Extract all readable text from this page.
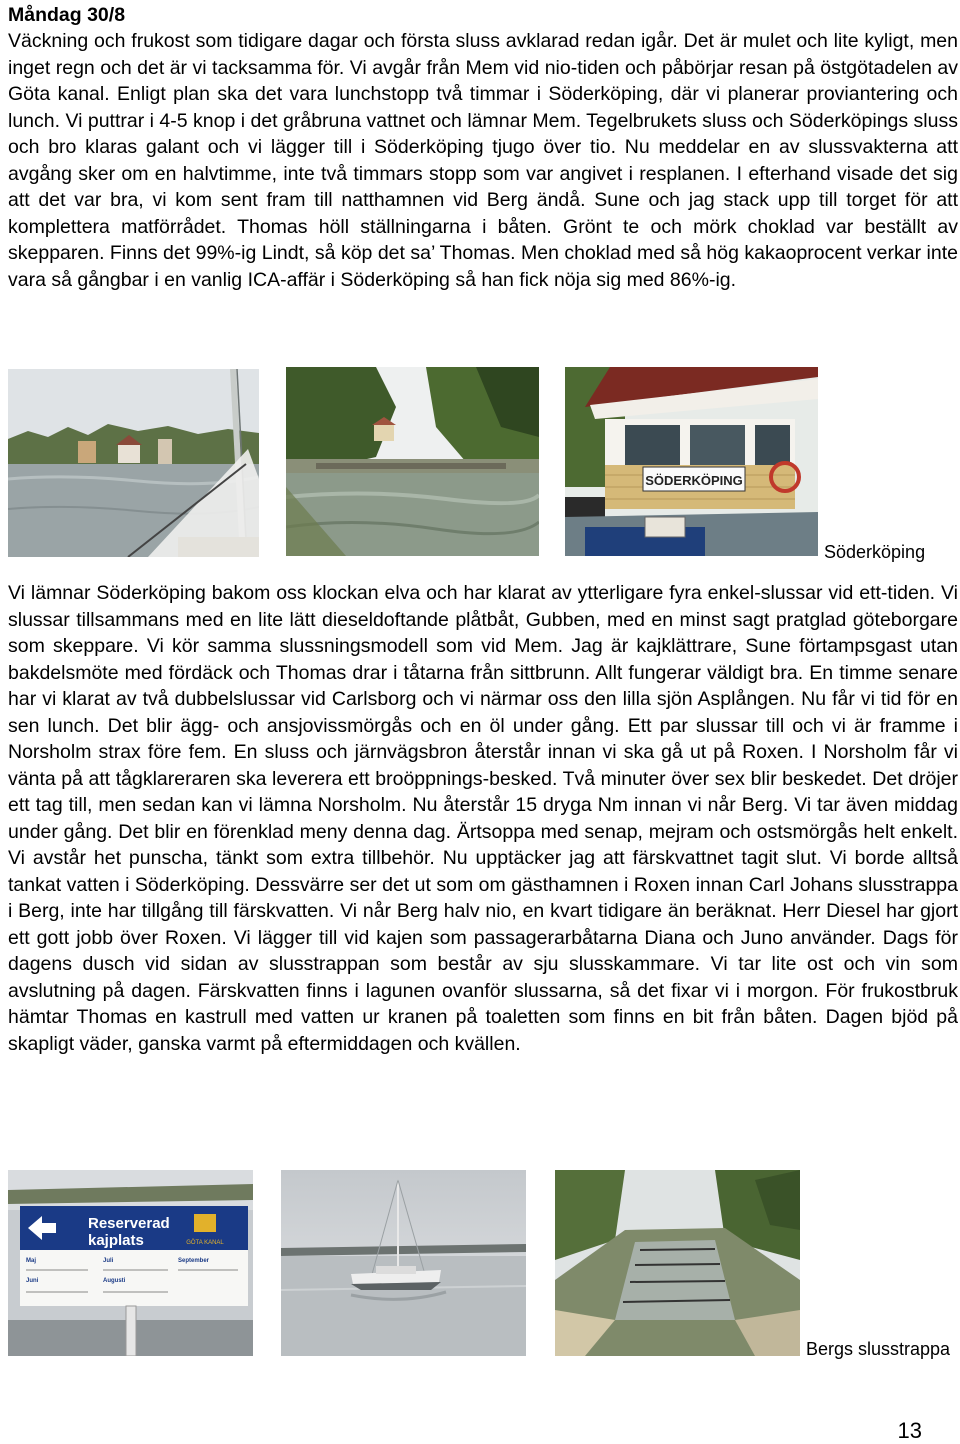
Måndag 30/8

Väckning och frukost som tidigare dagar och första sluss avklarad redan igår. Det är mulet och lite kyligt, men inget regn och det är vi tacksamma för. Vi avgår från Mem vid nio-tiden och påbörjar resan på östgötadelen av Göta kanal. Enligt plan ska det vara lunchstopp två timmar i Söderköping, där vi planerar proviantering och lunch. Vi puttrar i 4-5 knop i det gråbruna vattnet och lämnar Mem. Tegelbrukets sluss och Söderköpings sluss och bro klaras galant och vi lägger till i Söderköping tjugo över tio. Nu meddelar en av slussvakterna att avgång sker om en halvtimme, inte två timmars stopp som var angivet i resplanen. I efterhand visade det sig att det var bra, vi kom sent fram till natthamnen vid Berg ändå. Sune och jag stack upp till torget för att komplettera matförrådet. Thomas höll ställningarna i båten. Grönt te och mörk choklad var beställt av skepparen. Finns det 99%-ig Lindt, så köp det sa’ Thomas. Men choklad med så hög kakaoprocent verkar inte vara så gångbar i en vanlig ICA-affär i Söderköping så han fick nöja sig med 86%-ig.

SÖDERKÖPING
Söderköping

Vi lämnar Söderköping bakom oss klockan elva och har klarat av ytterligare fyra enkel-slussar vid ett-tiden. Vi slussar tillsammans med en lite lätt dieseldoftande plåtbåt, Gubben, med en minst sagt pratglad göteborgare som skeppare. Vi kör samma slussningsmodell som vid Mem. Jag är kajklättrare, Sune förtampsgast utan bakdelsmöte med fördäck och Thomas drar i tåtarna från sittbrunn. Allt fungerar väldigt bra. En timme senare har vi klarat av två dubbelslussar vid Carlsborg och vi närmar oss den lilla sjön Asplången. Nu får vi tid för en sen lunch. Det blir ägg- och ansjovissmörgås och en öl under gång. Ett par slussar till och vi är framme i Norsholm strax före fem. En sluss och järnvägsbron återstår innan vi ska gå ut på Roxen. I Norsholm får vi vänta på att tågklareraren ska leverera ett broöppnings-besked. Två minuter över sex blir beskedet. Det dröjer ett tag till, men sedan kan vi lämna Norsholm. Nu återstår 15 dryga Nm innan vi når Berg. Vi tar även middag under gång. Det blir en förenklad meny denna dag. Ärtsoppa med senap, mejram och ostsmörgås helt enkelt. Vi avstår het punscha, tänkt som extra tillbehör. Nu upptäcker jag att färskvattnet tagit slut. Vi borde alltså tankat vatten i Söderköping. Dessvärre ser det ut som om gästhamnen i Roxen innan Carl Johans slusstrappa i Berg, inte har tillgång till färskvatten. Vi når Berg halv nio, en kvart tidigare än beräknat. Herr Diesel har gjort ett gott jobb över Roxen. Vi lägger till vid kajen som passagerarbåtarna Diana och Juno använder. Dags för dagens dusch vid sidan av slusstrappan som består av sju slusskammare. Vi tar lite ost och vin som avslutning på dagen. Färskvatten finns i lagunen ovanför slussarna, så det fixar vi i morgon. För frukostbruk hämtar Thomas en kastrull med vatten ur kranen på toaletten som finns en bit från båten. Dagen bjöd på skapligt väder, ganska varmt på eftermiddagen och kvällen.

Reserverad
kajplats	GÖTA KANAL
Maj	Juli	September
Juni	Augusti
Bergs slusstrappa
13
